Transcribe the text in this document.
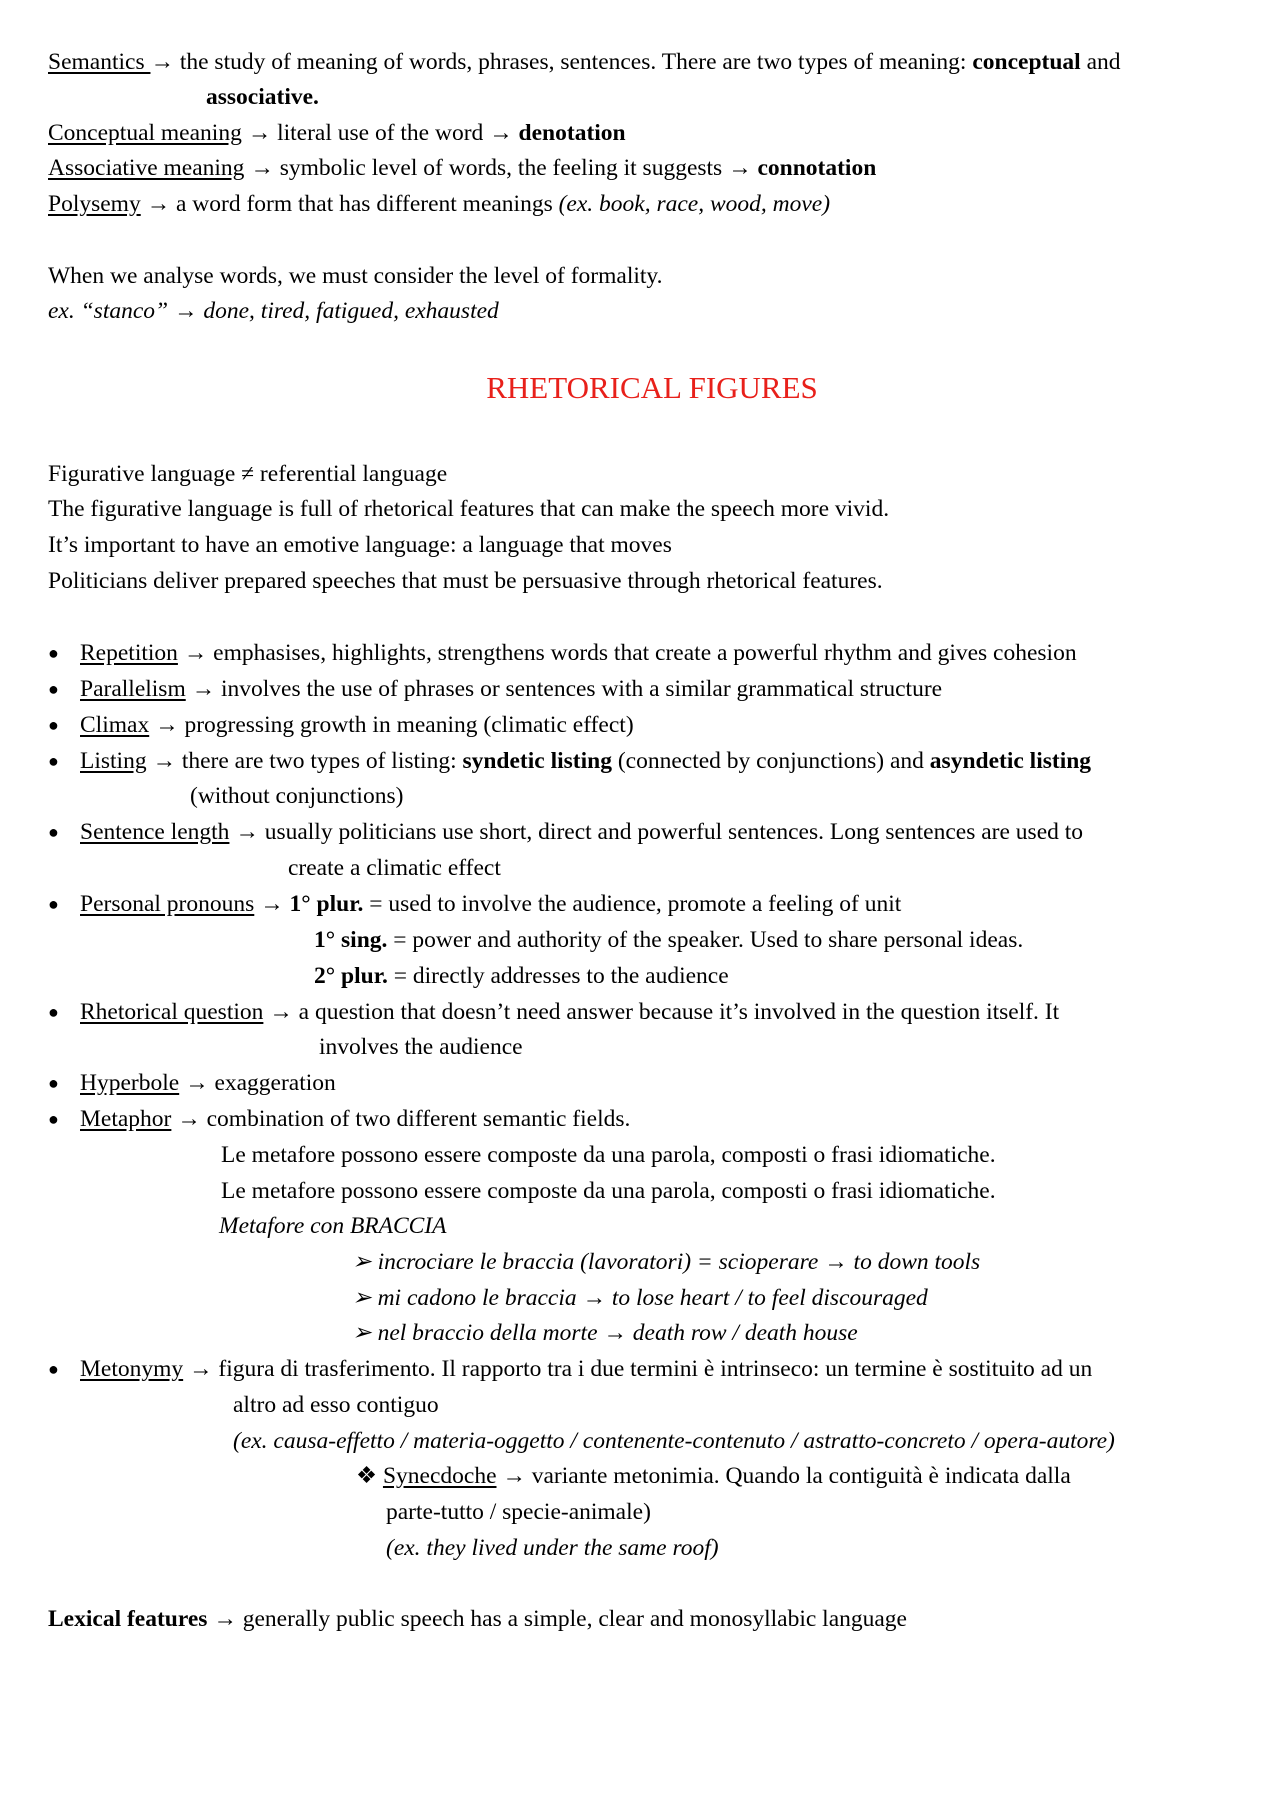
Semantics → the study of meaning of words, phrases, sentences. There are two types of meaning: conceptual and
associative.
Conceptual meaning → literal use of the word → denotation
Associative meaning → symbolic level of words, the feeling it suggests → connotation
Polysemy → a word form that has different meanings (ex. book, race, wood, move)
When we analyse words, we must consider the level of formality.
ex. “stanco” → done, tired, fatigued, exhausted
RHETORICAL FIGURES
Figurative language ≠ referential language
The figurative language is full of rhetorical features that can make the speech more vivid.
It’s important to have an emotive language: a language that moves
Politicians deliver prepared speeches that must be persuasive through rhetorical features.
● Repetition → emphasises, highlights, strengthens words that create a powerful rhythm and gives cohesion
● Parallelism → involves the use of phrases or sentences with a similar grammatical structure
● Climax → progressing growth in meaning (climatic effect)
● Listing → there are two types of listing: syndetic listing (connected by conjunctions) and asyndetic listing
(without conjunctions)
● Sentence length → usually politicians use short, direct and powerful sentences. Long sentences are used to
create a climatic effect
● Personal pronouns → 1° plur. = used to involve the audience, promote a feeling of unit
1° sing. = power and authority of the speaker. Used to share personal ideas.
2° plur. = directly addresses to the audience
● Rhetorical question → a question that doesn’t need answer because it’s involved in the question itself. It
involves the audience
● Hyperbole → exaggeration
● Metaphor → combination of two different semantic fields.
Le metafore possono essere composte da una parola, composti o frasi idiomatiche.
Le metafore possono essere composte da una parola, composti o frasi idiomatiche.
Metafore con BRACCIA
➢ incrociare le braccia (lavoratori) = scioperare → to down tools
➢ mi cadono le braccia → to lose heart / to feel discouraged
➢ nel braccio della morte → death row / death house
● Metonymy → figura di trasferimento. Il rapporto tra i due termini è intrinseco: un termine è sostituito ad un
altro ad esso contiguo
(ex. causa-effetto / materia-oggetto / contenente-contenuto / astratto-concreto / opera-autore)
❖ Synecdoche → variante metonimia. Quando la contiguità è indicata dalla
parte-tutto / specie-animale)
(ex. they lived under the same roof)
Lexical features → generally public speech has a simple, clear and monosyllabic language
